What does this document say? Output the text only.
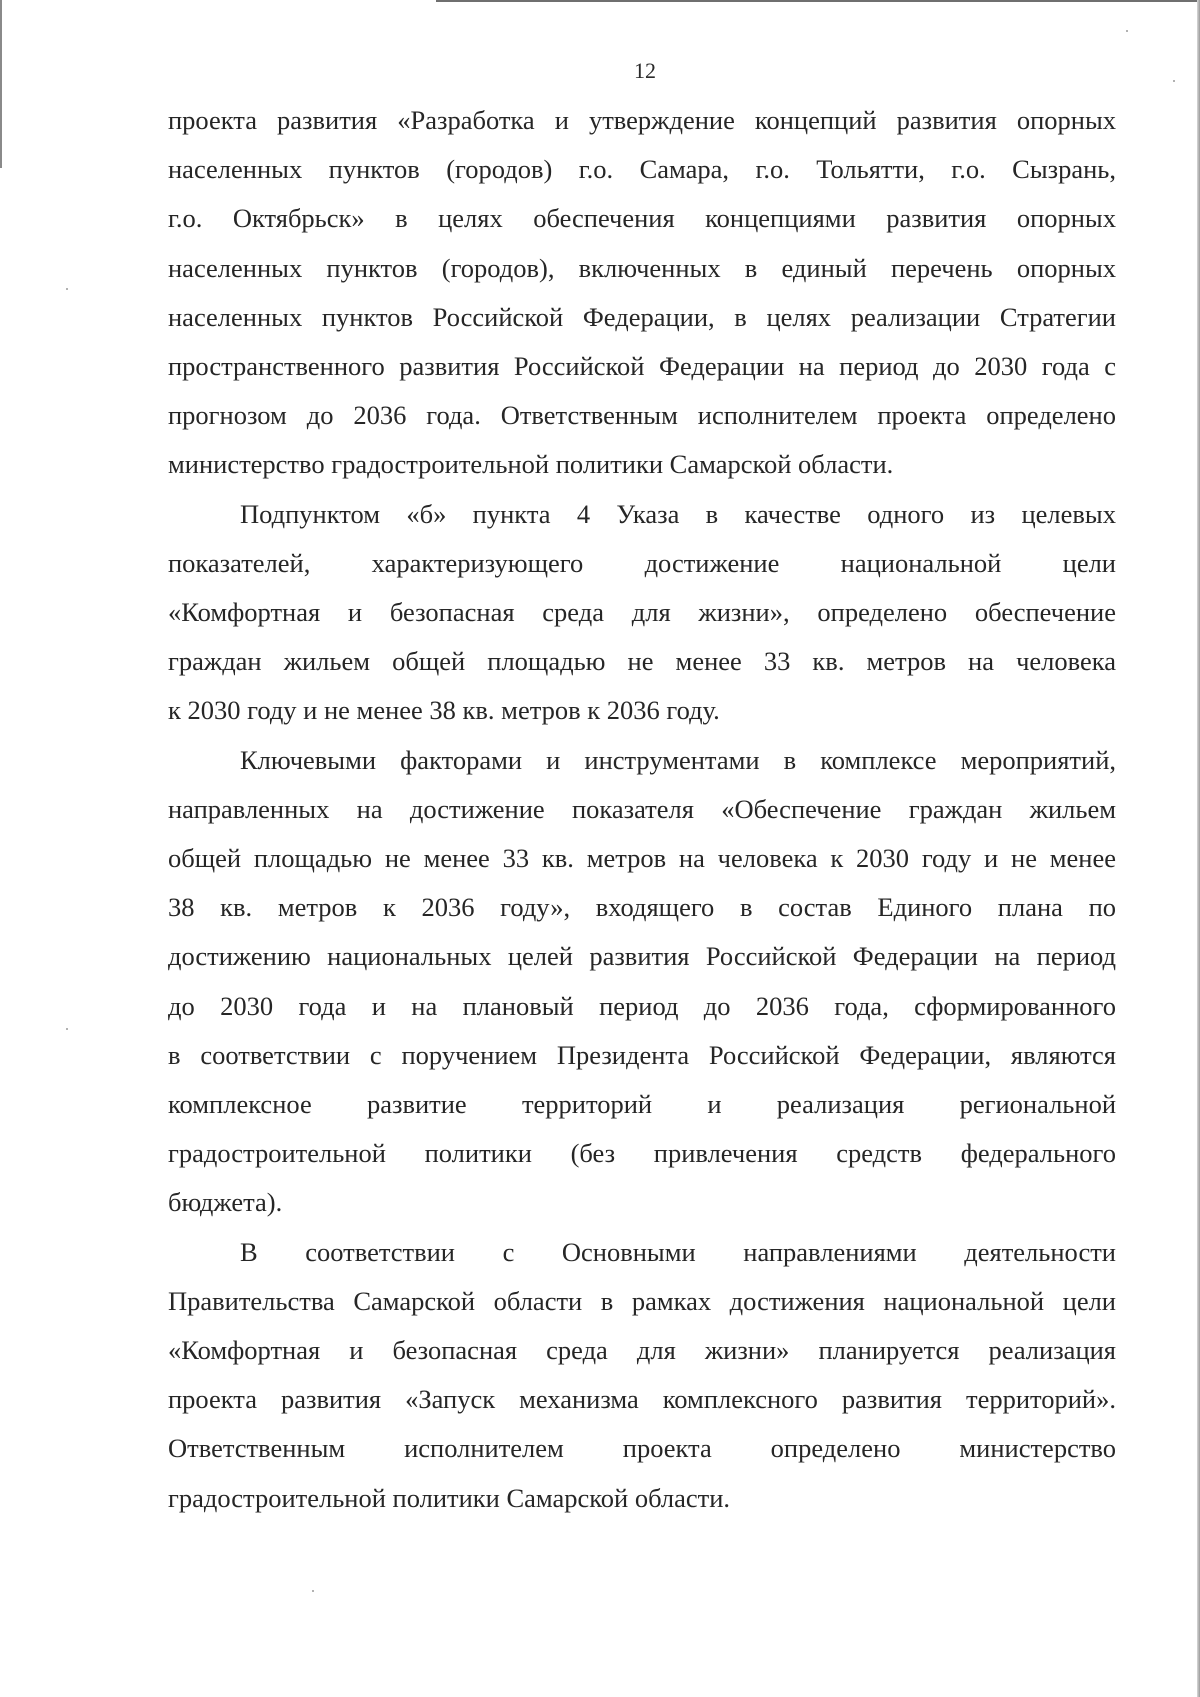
12
проекта развития «Разработка и утверждение концепций развития опорных
населенных пунктов (городов) г.о. Самара, г.о. Тольятти, г.о. Сызрань,
г.о. Октябрьск» в целях обеспечения концепциями развития опорных
населенных пунктов (городов), включенных в единый перечень опорных
населенных пунктов Российской Федерации, в целях реализации Стратегии
пространственного развития Российской Федерации на период до 2030 года с
прогнозом до 2036 года. Ответственным исполнителем проекта определено
министерство градостроительной политики Самарской области.
Подпунктом «б» пункта 4 Указа в качестве одного из целевых
показателей, характеризующего достижение национальной цели
«Комфортная и безопасная среда для жизни», определено обеспечение
граждан жильем общей площадью не менее 33 кв. метров на человека
к 2030 году и не менее 38 кв. метров к 2036 году.
Ключевыми факторами и инструментами в комплексе мероприятий,
направленных на достижение показателя «Обеспечение граждан жильем
общей площадью не менее 33 кв. метров на человека к 2030 году и не менее
38 кв. метров к 2036 году», входящего в состав Единого плана по
достижению национальных целей развития Российской Федерации на период
до 2030 года и на плановый период до 2036 года, сформированного
в соответствии с поручением Президента Российской Федерации, являются
комплексное развитие территорий и реализация региональной
градостроительной политики (без привлечения средств федерального
бюджета).
В соответствии с Основными направлениями деятельности
Правительства Самарской области в рамках достижения национальной цели
«Комфортная и безопасная среда для жизни» планируется реализация
проекта развития «Запуск механизма комплексного развития территорий».
Ответственным исполнителем проекта определено министерство
градостроительной политики Самарской области.
